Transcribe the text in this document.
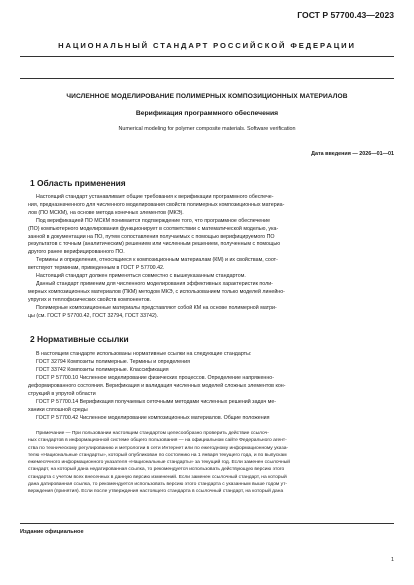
ГОСТ Р 57700.43—2023
НАЦИОНАЛЬНЫЙ СТАНДАРТ РОССИЙСКОЙ ФЕДЕРАЦИИ
ЧИСЛЕННОЕ МОДЕЛИРОВАНИЕ ПОЛИМЕРНЫХ КОМПОЗИЦИОННЫХ МАТЕРИАЛОВ
Верификация программного обеспечения
Numerical modeling for polymer composite materials. Software verification
Дата введения — 2026—01—01
1 Область применения
Настоящий стандарт устанавливает общие требования к верификации программного обеспече-
ния, предназначенного для численного моделирования свойств полимерных композиционных материа-
лов (ПО МСКМ), на основе метода конечных элементов (МКЭ).
Под верификацией ПО МСКМ понимается подтверждение того, что программное обеспечение
(ПО) компьютерного моделирования функционирует в соответствии с математической моделью, ука-
занной в документации на ПО, путем сопоставления получаемых с помощью верифицируемого ПО
результатов с точным (аналитическим) решением или численным решением, полученным с помощью
другого ранее верифицированного ПО.
Термины и определения, относящиеся к композиционным материалам (КМ) и их свойствам, соот-
ветствуют терминам, приведенным в ГОСТ Р 57700.42.
Настоящий стандарт должен применяться совместно с вышеуказанным стандартом.
Данный стандарт применим для численного моделирования эффективных характеристик поли-
мерных композиционных материалов (ПКМ) методом МКЭ, с использованием только моделей линейно-
упругих и теплофизических свойств компонентов.
Полимерные композиционные материалы представляют собой КМ на основе полимерной матри-
цы (см. ГОСТ Р 57700.42, ГОСТ 32794, ГОСТ 33742).
2 Нормативные ссылки
В настоящем стандарте использованы нормативные ссылки на следующие стандарты:
ГОСТ 32794 Композиты полимерные. Термины и определения
ГОСТ 33742 Композиты полимерные. Классификация
ГОСТ Р 57700.10 Численное моделирование физических процессов. Определение напряженно-
деформированного состояния. Верификация и валидация численных моделей сложных элементов кон-
струкций в упругой области
ГОСТ Р 57700.14 Верификация получаемых сеточными методами численных решений задач ме-
ханики сплошной среды
ГОСТ Р 57700.42 Численное моделирование композиционных материалов. Общие положения
Примечание — При пользовании настоящим стандартом целесообразно проверить действие ссылоч-
ных стандартов в информационной системе общего пользования — на официальном сайте Федерального агент-
ства по техническому регулированию и метрологии в сети Интернет или по ежегодному информационному указа-
телю «Национальные стандарты», который опубликован по состоянию на 1 января текущего года, и по выпускам
ежемесячного информационного указателя «Национальные стандарты» за текущий год. Если заменен ссылочный
стандарт, на который дана недатированная ссылка, то рекомендуется использовать действующую версию этого
стандарта с учетом всех внесенных в данную версию изменений. Если заменен ссылочный стандарт, на который
дана датированная ссылка, то рекомендуется использовать версию этого стандарта с указанным выше годом ут-
верждения (принятия). Если после утверждения настоящего стандарта в ссылочный стандарт, на который дана
Издание официальное
1
